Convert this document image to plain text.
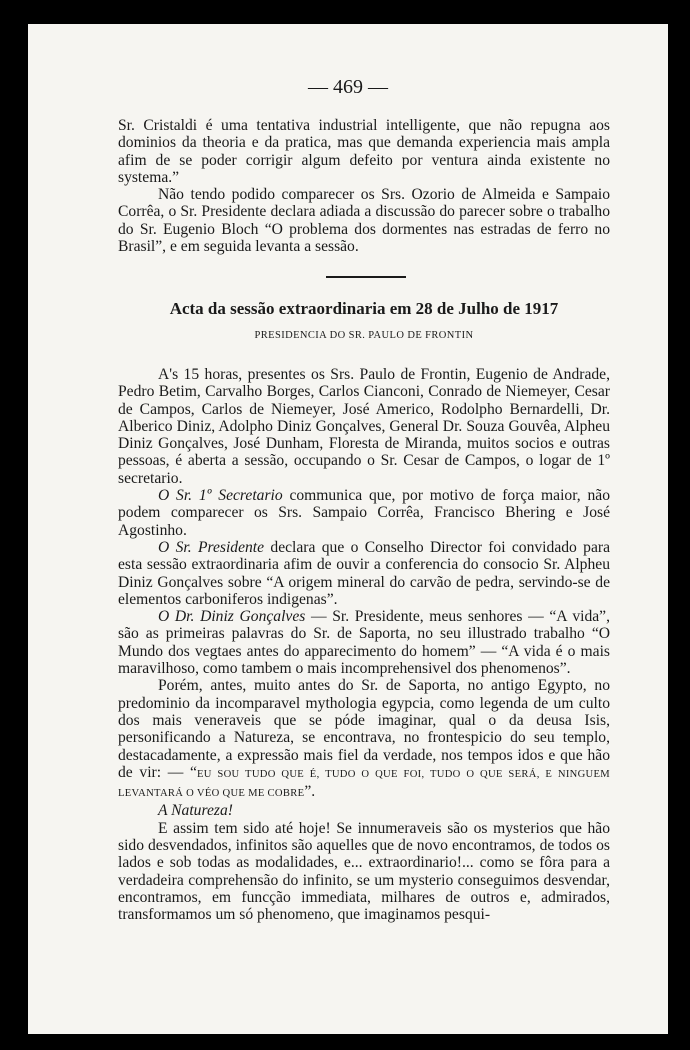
— 469 —

Sr. Cristaldi é uma tentativa industrial intelligente, que não repugna aos dominios da theoria e da pratica, mas que demanda experiencia mais ampla afim de se poder corrigir algum defeito por ventura ainda existente no systema.”

Não tendo podido comparecer os Srs. Ozorio de Almeida e Sampaio Corrêa, o Sr. Presidente declara adiada a discussão do parecer sobre o trabalho do Sr. Eugenio Bloch “O problema dos dormentes nas estradas de ferro no Brasil”, e em seguida levanta a sessão.

Acta da sessão extraordinaria em 28 de Julho de 1917

PRESIDENCIA DO SR. PAULO DE FRONTIN

A's 15 horas, presentes os Srs. Paulo de Frontin, Eugenio de Andrade, Pedro Betim, Carvalho Borges, Carlos Cianconi, Conrado de Niemeyer, Cesar de Campos, Carlos de Niemeyer, José Americo, Rodolpho Bernardelli, Dr. Alberico Diniz, Adolpho Diniz Gonçalves, General Dr. Souza Gouvêa, Alpheu Diniz Gonçalves, José Dunham, Floresta de Miranda, muitos socios e outras pessoas, é aberta a sessão, occupando o Sr. Cesar de Campos, o logar de 1º secretario.

O Sr. 1º Secretario communica que, por motivo de força maior, não podem comparecer os Srs. Sampaio Corrêa, Francisco Bhering e José Agostinho.

O Sr. Presidente declara que o Conselho Director foi convidado para esta sessão extraordinaria afim de ouvir a conferencia do consocio Sr. Alpheu Diniz Gonçalves sobre “A origem mineral do carvão de pedra, servindo-se de elementos carboniferos indigenas”.

O Dr. Diniz Gonçalves — Sr. Presidente, meus senhores — “A vida”, são as primeiras palavras do Sr. de Saporta, no seu illustrado trabalho “O Mundo dos vegtaes antes do apparecimento do homem” — “A vida é o mais maravilhoso, como tambem o mais incomprehensivel dos phenomenos”.

Porém, antes, muito antes do Sr. de Saporta, no antigo Egypto, no predominio da incomparavel mythologia egypcia, como legenda de um culto dos mais veneraveis que se póde imaginar, qual o da deusa Isis, personificando a Natureza, se encontrava, no frontespicio do seu templo, destacadamente, a expressão mais fiel da verdade, nos tempos idos e que hão de vir: — “EU SOU TUDO QUE É, TUDO O QUE FOI, TUDO O QUE SERÁ, E NINGUEM LEVANTARÁ O VÉO QUE ME COBRE”.

A Natureza!

E assim tem sido até hoje! Se innumeraveis são os mysterios que hão sido desvendados, infinitos são aquelles que de novo encontramos, de todos os lados e sob todas as modalidades, e... extraordinario!... como se fôra para a verdadeira comprehensão do infinito, se um mysterio conseguimos desvendar, encontramos, em funcção immediata, milhares de outros e, admirados, transformamos um só phenomeno, que imaginamos pesqui-
